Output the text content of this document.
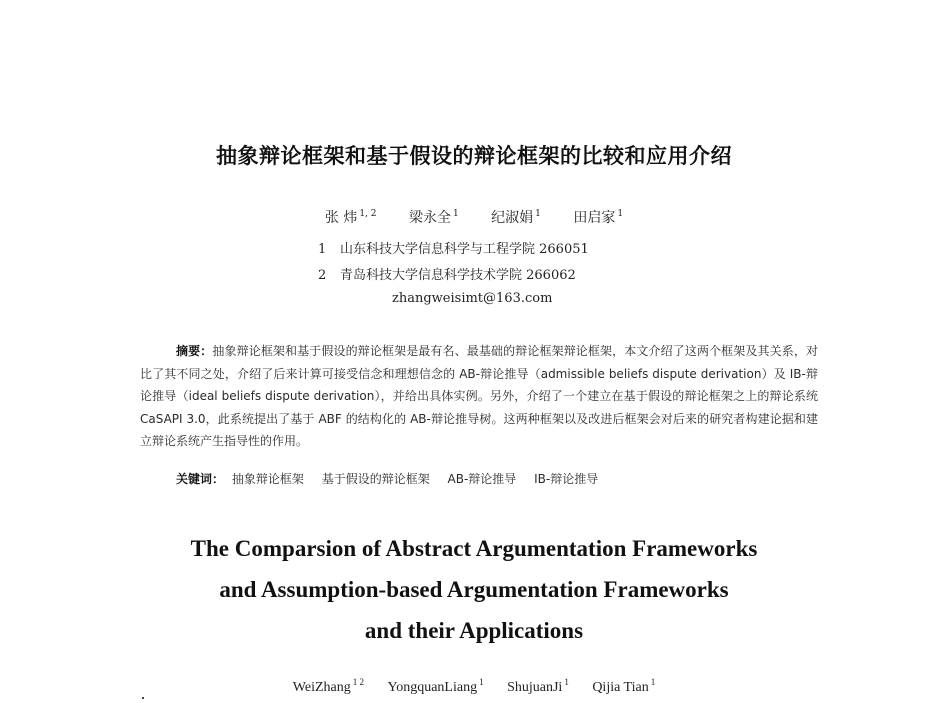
抽象辩论框架和基于假设的辩论框架的比较和应用介绍
张 炜 $^{1, 2}$ 梁永全 $^1$ 纪淑娟 $^1$ 田启家 $^1$
1 山东科技大学信息科学与工程学院 266051
2 青岛科技大学信息科学技术学院 266062
zhangweisimt@163.com
摘要：抽象辩论框架和基于假设的辩论框架是最有名、最基础的辩论框架辩论框架，本文介绍了这两个框架及其关系，对比了其不同之处，介绍了后来计算可接受信念和理想信念的 AB-辩论推导（admissible beliefs dispute derivation）及 IB-辩论推导（ideal beliefs dispute derivation），并给出具体实例。另外，介绍了一个建立在基于假设的辩论框架之上的辩论系统 CaSAPI 3.0，此系统提出了基于 ABF 的结构化的 AB-辩论推导树。这两种框架以及改进后框架会对后来的研究者构建论据和建立辩论系统产生指导性的作用。
关键词： 抽象辩论框架 基于假设的辩论框架 AB-辩论推导 IB-辩论推导
The Comparsion of Abstract Argumentation Frameworks
and Assumption-based Argumentation Frameworks
and their Applications
WeiZhang $^{1 2}$ YongquanLiang $^1$ ShujuanJi $^1$ Qijia Tian $^1$
